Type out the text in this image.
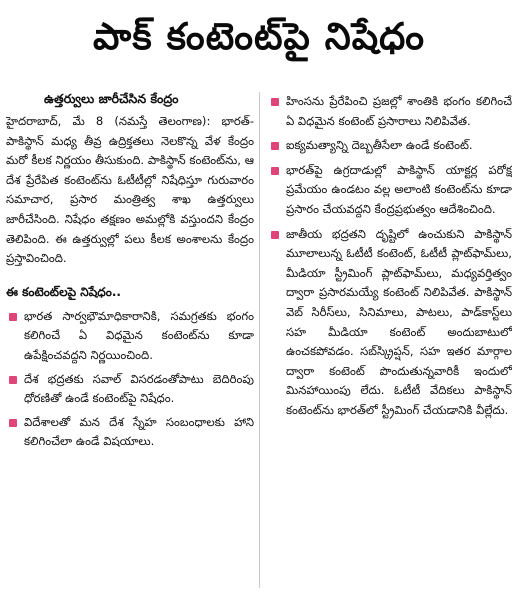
పాక్ కంటెంట్‌పై నిషేధం
ఉత్తర్వులు జారీచేసిన కేంద్రం

హైదరాబాద్, మే 8 (నమస్తే తెలంగాణ): భారత్-పాకిస్థాన్ మధ్య తీవ్ర ఉద్రిక్తతలు నెలకొన్న వేళ కేంద్రం మరో కీలక నిర్ణయం తీసుకుంది. పాకిస్థాన్ కంటెంట్‌ను, ఆ దేశ ప్రేరేపిత కంటెంట్‌ను ఓటీటీల్లో నిషేధిస్తూ గురువారం సమాచార, ప్రసార మంత్రిత్వ శాఖ ఉత్తర్వులు జారీచేసింది. నిషేధం తక్షణం అమల్లోకి వస్తుందని కేంద్రం తెలిపింది. ఈ ఉత్తర్వుల్లో పలు కీలక అంశాలను కేంద్రం ప్రస్తావించింది.

ఈ కంటెంట్‌లపై నిషేధం..
భారత సార్వభౌమాధికారానికి, సమగ్రతకు భంగం కలిగించే ఏ విధమైన కంటెంట్‌ను కూడా ఉపేక్షించవద్దని నిర్ణయించింది.
దేశ భద్రతకు సవాల్ విసరడంతోపాటు బెదిరింపు ధోరణితో ఉండే కంటెంట్‌పై నిషేధం.
విదేశాలతో మన దేశ స్నేహ సంబంధాలకు హాని కలిగించేలా ఉండే విషయాలు.
హింసను ప్రేరేపించి ప్రజల్లో శాంతికి భంగం కలిగించే ఏ విధమైన కంటెంట్ ప్రసారాలు నిలిపివేత.
ఐక్యమత్యాన్ని దెబ్బతీసేలా ఉండే కంటెంట్.
భారత్‌పై ఉగ్రదాడుల్లో పాకిస్థాన్ యాక్టర్ల పరోక్ష ప్రమేయం ఉండటం వల్ల అలాంటి కంటెంట్‌ను కూడా ప్రసారం చేయవద్దని కేంద్రప్రభుత్వం ఆదేశించింది.
జాతీయ భద్రతని దృష్టిలో ఉంచుకుని పాకిస్థాన్ మూలాలున్న ఓటీటీ కంటెంట్, ఓటీటీ ప్లాట్‌ఫామ్‌లు, మీడియా స్ట్రీమింగ్ ప్లాట్‌ఫామ్‌లు, మధ్యవర్తిత్వం ద్వారా ప్రసారమయ్యే కంటెంట్ నిలిపివేత. పాకిస్థాన్ వెబ్ సిరీస్‌లు, సినిమాలు, పాటలు, పాడ్‌కాస్ట్‌లు సహ మీడియా కంటెంట్ అందుబాటులో ఉంచకపోవడం. సబ్‌స్క్రిప్షన్, సహ ఇతర మార్గాల ద్వారా కంటెంట్ పొందుతున్నవారికీ ఇందులో మినహాయింపు లేదు. ఓటీటీ వేదికలు పాకిస్థాన్ కంటెంట్‌ను భారత్‌లో స్ట్రీమింగ్ చేయడానికి వీల్లేదు.
